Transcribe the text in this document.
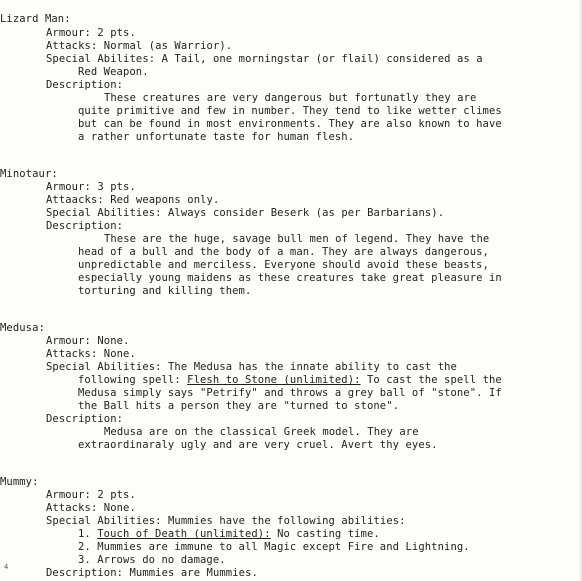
Lizard Man:
Armour: 2 pts.
Attacks: Normal (as Warrior).
Special Abilites: A Tail, one morningstar (or flail) considered as a
Red Weapon.
Description:
These creatures are very dangerous but fortunatly they are
quite primitive and few in number. They tend to like wetter climes
but can be found in most environments. They are also known to have
a rather unfortunate taste for human flesh.
Minotaur:
Armour: 3 pts.
Attaacks: Red weapons only.
Special Abilities: Always consider Beserk (as per Barbarians).
Description:
These are the huge, savage bull men of legend. They have the
head of a bull and the body of a man. They are always dangerous,
unpredictable and merciless. Everyone should avoid these beasts,
especially young maidens as these creatures take great pleasure in
torturing and killing them.
Medusa:
Armour: None.
Attacks: None.
Special Abilities: The Medusa has the innate ability to cast the
following spell: Flesh to Stone (unlimited): To cast the spell the
Medusa simply says "Petrify" and throws a grey ball of "stone". If
the Ball hits a person they are "turned to stone".
Description:
Medusa are on the classical Greek model. They are
extraordinaraly ugly and are very cruel. Avert thy eyes.
Mummy:
Armour: 2 pts.
Attacks: None.
Special Abilities: Mummies have the following abilities:
1. Touch of Death (unlimited): No casting time.
2. Mummies are immune to all Magic except Fire and Lightning.
3. Arrows do no damage.
Description: Mummies are Mummies.
4
